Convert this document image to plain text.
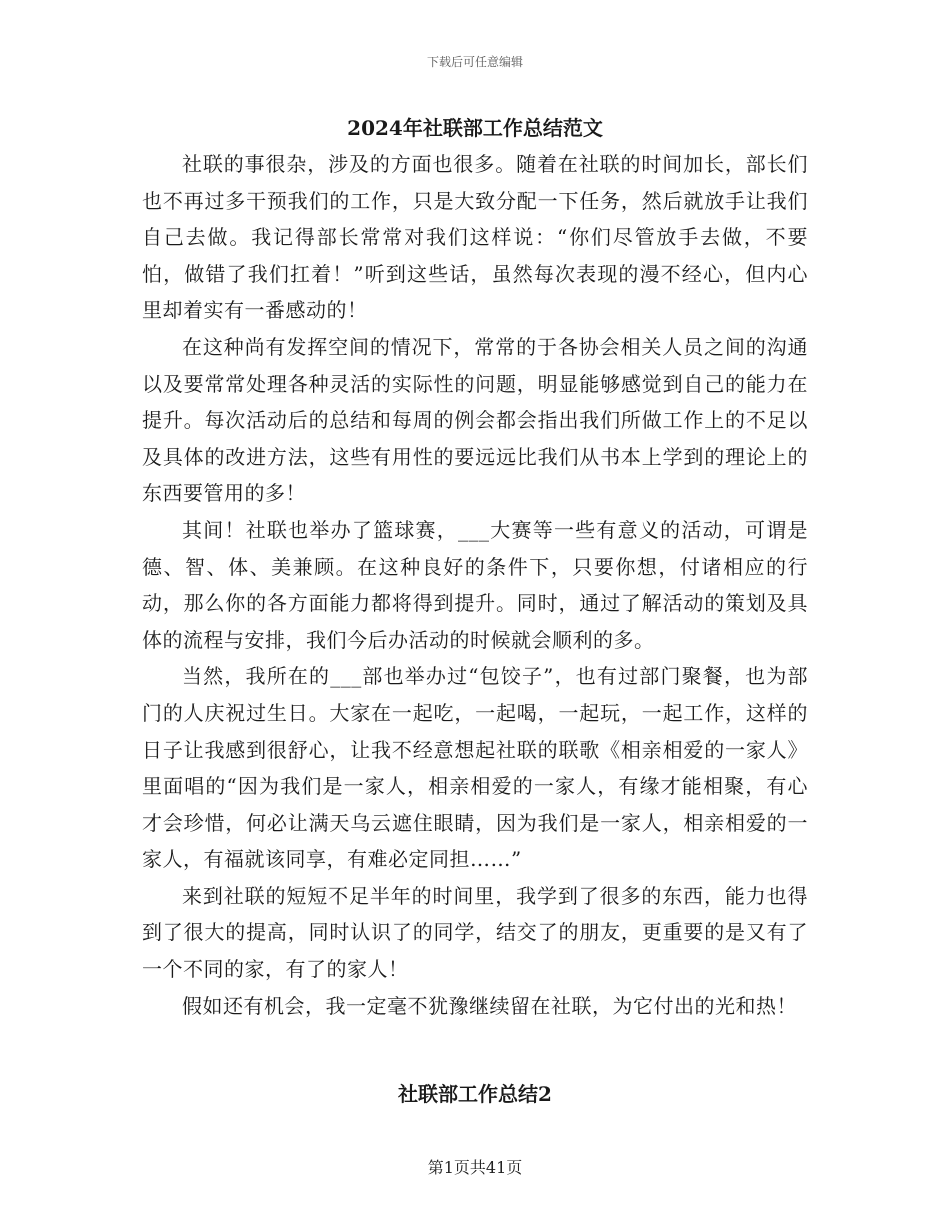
下载后可任意编辑
2024年社联部工作总结范文

社联的事很杂，涉及的方面也很多。随着在社联的时间加长，部长们也不再过多干预我们的工作，只是大致分配一下任务，然后就放手让我们自己去做。我记得部长常常对我们这样说：“你们尽管放手去做，不要怕，做错了我们扛着！”听到这些话，虽然每次表现的漫不经心，但内心里却着实有一番感动的！

在这种尚有发挥空间的情况下，常常的于各协会相关人员之间的沟通以及要常常处理各种灵活的实际性的问题，明显能够感觉到自己的能力在提升。每次活动后的总结和每周的例会都会指出我们所做工作上的不足以及具体的改进方法，这些有用性的要远远比我们从书本上学到的理论上的东西要管用的多！

其间！社联也举办了篮球赛，___大赛等一些有意义的活动，可谓是德、智、体、美兼顾。在这种良好的条件下，只要你想，付诸相应的行动，那么你的各方面能力都将得到提升。同时，通过了解活动的策划及具体的流程与安排，我们今后办活动的时候就会顺利的多。

当然，我所在的___部也举办过“包饺子”，也有过部门聚餐，也为部门的人庆祝过生日。大家在一起吃，一起喝，一起玩，一起工作，这样的日子让我感到很舒心，让我不经意想起社联的联歌《相亲相爱的一家人》里面唱的“因为我们是一家人，相亲相爱的一家人，有缘才能相聚，有心才会珍惜，何必让满天乌云遮住眼睛，因为我们是一家人，相亲相爱的一家人，有福就该同享，有难必定同担……”

来到社联的短短不足半年的时间里，我学到了很多的东西，能力也得到了很大的提高，同时认识了的同学，结交了的朋友，更重要的是又有了一个不同的家，有了的家人！

假如还有机会，我一定毫不犹豫继续留在社联，为它付出的光和热！

社联部工作总结2
第1页共41页
